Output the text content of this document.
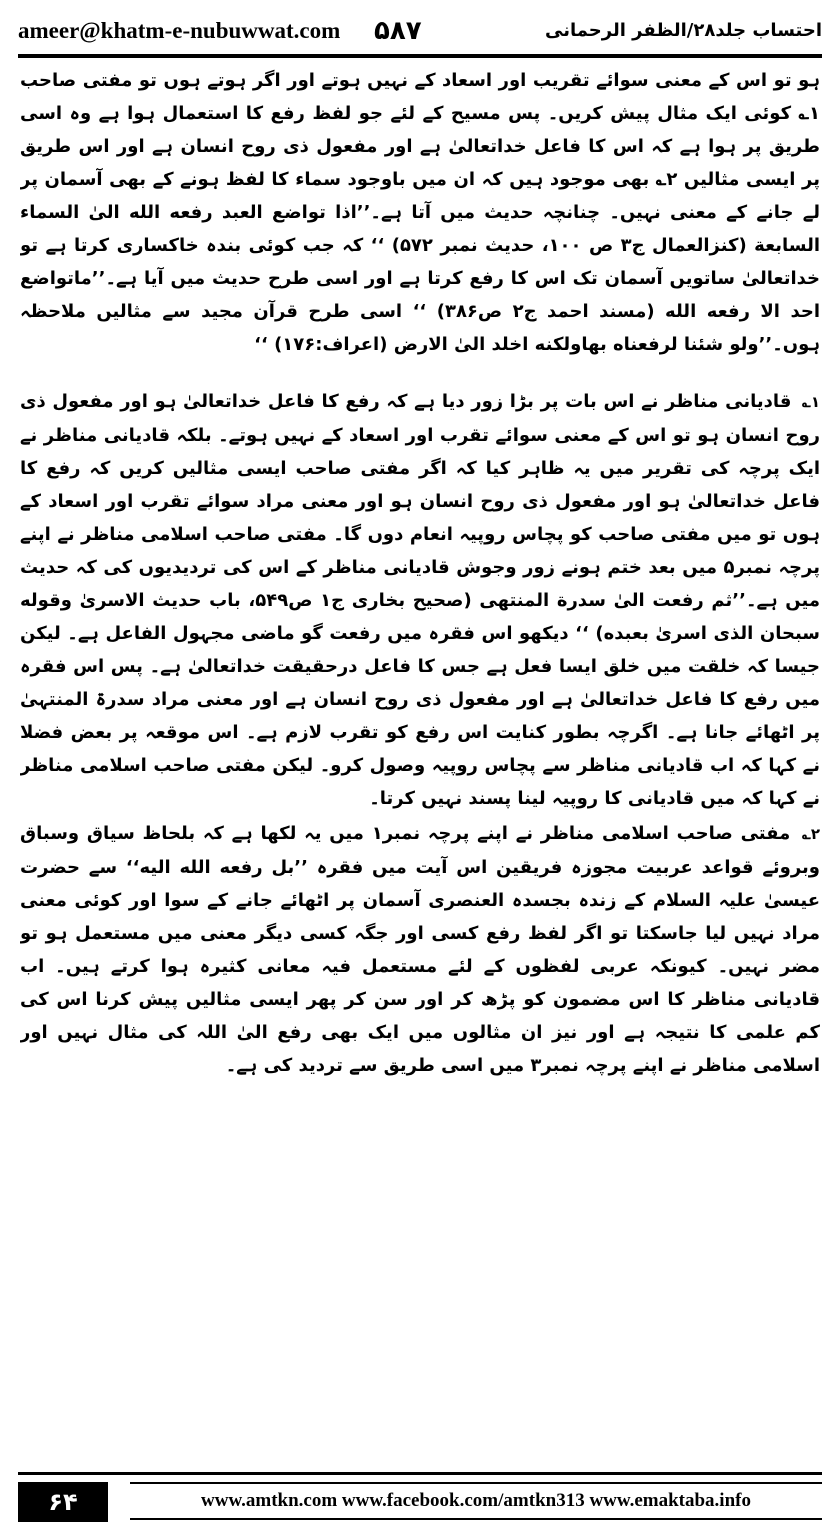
ameer@khatm-e-nubuwwat.com ۵۸۷	احتساب جلد۲۸/الظفر الرحمانی

ہو تو اس کے معنی سوائے تقریب اور اسعاد کے نہیں ہوتے اور اگر ہوتے ہوں تو مفتی صاحب ۱؎ کوئی ایک مثال پیش کریں۔ پس مسیح کے لئے جو لفظ رفع کا استعمال ہوا ہے وہ اسی طریق پر ہوا ہے کہ اس کا فاعل خداتعالیٰ ہے اور مفعول ذی روح انسان ہے اور اس طریق پر ایسی مثالیں ۲؎ بھی موجود ہیں کہ ان میں باوجود سماء کا لفظ ہونے کے بھی آسمان پر لے جانے کے معنی نہیں۔ چنانچہ حدیث میں آتا ہے۔’’اذا تواضع العبد رفعه الله الیٰ السماء السابعة (کنزالعمال ج۳ ص ۱۰۰، حدیث نمبر ۵۷۲) ‘‘ کہ جب کوئی بندہ خاکساری کرتا ہے تو خداتعالیٰ ساتویں آسمان تک اس کا رفع کرتا ہے اور اسی طرح حدیث میں آیا ہے۔’’ماتواضع احد الا رفعه الله (مسند احمد ج۲ ص۳۸۶) ‘‘ اسی طرح قرآن مجید سے مثالیں ملاحظہ ہوں۔’’ولو شئنا لرفعناه بهاولکنه اخلد الیٰ الارض (اعراف:۱۷۶) ‘‘

۱؎ قادیانی مناظر نے اس بات پر بڑا زور دیا ہے کہ رفع کا فاعل خداتعالیٰ ہو اور مفعول ذی روح انسان ہو تو اس کے معنی سوائے تقرب اور اسعاد کے نہیں ہوتے۔ بلکہ قادیانی مناظر نے ایک پرچہ کی تقریر میں یہ ظاہر کیا کہ اگر مفتی صاحب ایسی مثالیں کریں کہ رفع کا فاعل خداتعالیٰ ہو اور مفعول ذی روح انسان ہو اور معنی مراد سوائے تقرب اور اسعاد کے ہوں تو میں مفتی صاحب کو پچاس روپیہ انعام دوں گا۔ مفتی صاحب اسلامی مناظر نے اپنے پرچہ نمبر۵ میں بعد ختم ہونے زور وجوش قادیانی مناظر کے اس کی تردیدیوں کی کہ حدیث میں ہے۔’’ثم رفعت الیٰ سدرة المنتهی (صحیح بخاری ج۱ ص۵۴۹، باب حدیث الاسریٰ وقوله سبحان الذی اسریٰ بعبده) ‘‘ دیکھو اس فقرہ میں رفعت گو ماضی مجہول الفاعل ہے۔ لیکن جیسا کہ خلقت میں خلق ایسا فعل ہے جس کا فاعل درحقیقت خداتعالیٰ ہے۔ پس اس فقرہ میں رفع کا فاعل خداتعالیٰ ہے اور مفعول ذی روح انسان ہے اور معنی مراد سدرۃ المنتہیٰ پر اٹھائے جانا ہے۔ اگرچہ بطور کنایت اس رفع کو تقرب لازم ہے۔ اس موقعہ پر بعض فضلا نے کہا کہ اب قادیانی مناظر سے پچاس روپیہ وصول کرو۔ لیکن مفتی صاحب اسلامی مناظر نے کہا کہ میں قادیانی کا روپیہ لینا پسند نہیں کرتا۔

۲؎ مفتی صاحب اسلامی مناظر نے اپنے پرچہ نمبر۱ میں یہ لکھا ہے کہ بلحاظ سیاق وسباق وبروئے قواعد عربیت مجوزہ فریقین اس آیت میں فقرہ ’’بل رفعه الله الیه‘‘ سے حضرت عیسیٰ علیہ السلام کے زندہ بجسدہ العنصری آسمان پر اٹھائے جانے کے سوا اور کوئی معنی مراد نہیں لیا جاسکتا تو اگر لفظ رفع کسی اور جگہ کسی دیگر معنی میں مستعمل ہو تو مضر نہیں۔ کیونکہ عربی لفظوں کے لئے مستعمل فیہ معانی کثیرہ ہوا کرتے ہیں۔ اب قادیانی مناظر کا اس مضمون کو پڑھ کر اور سن کر پھر ایسی مثالیں پیش کرنا اس کی کم علمی کا نتیجہ ہے اور نیز ان مثالوں میں ایک بھی رفع الیٰ اللہ کی مثال نہیں اور اسلامی مناظر نے اپنے پرچہ نمبر۳ میں اسی طریق سے تردید کی ہے۔

۶۴	www.amtkn.com www.facebook.com/amtkn313 www.emaktaba.info
